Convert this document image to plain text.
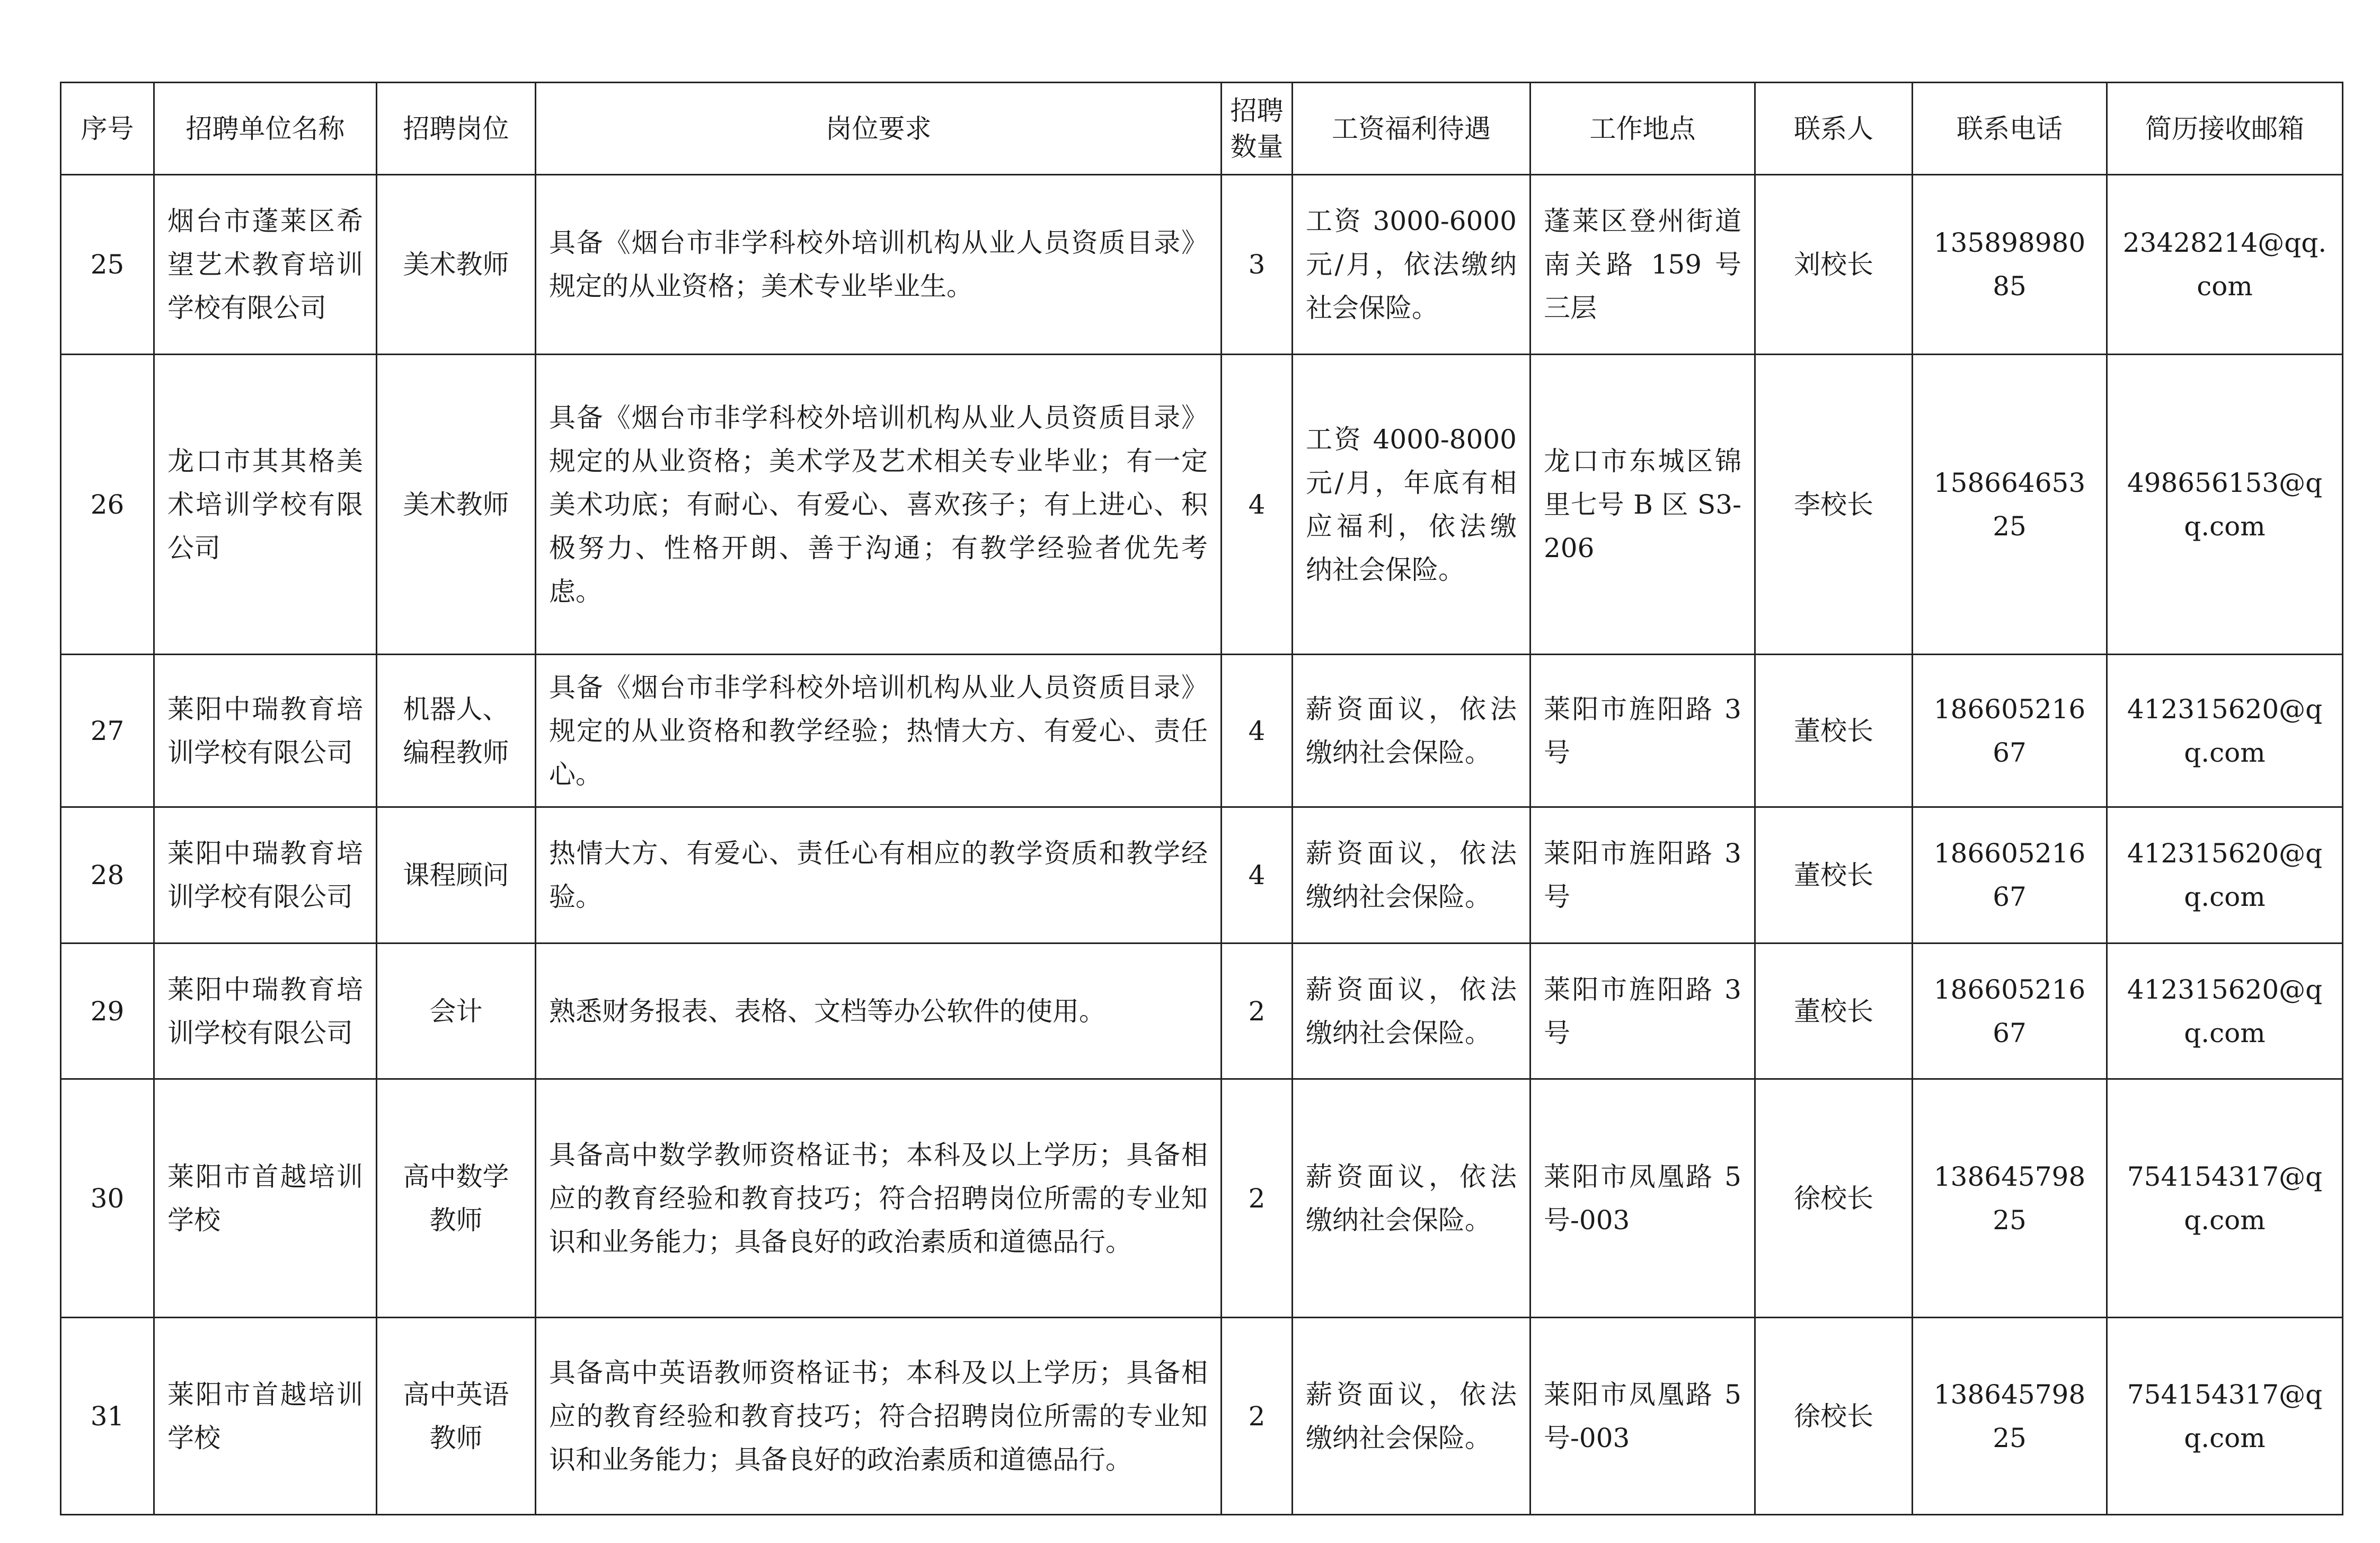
序号	招聘单位名称	招聘岗位	岗位要求	招聘数量	工资福利待遇	工作地点	联系人	联系电话	简历接收邮箱
25	烟台市蓬莱区希望艺术教育培训学校有限公司	美术教师	具备《烟台市非学科校外培训机构从业人员资质目录》规定的从业资格；美术专业毕业生。	3	工资 3000-6000 元/月，依法缴纳社会保险。	蓬莱区登州街道南关路 159 号三层	刘校长	13589898085	23428214@qq.com
26	龙口市其其格美术培训学校有限公司	美术教师	具备《烟台市非学科校外培训机构从业人员资质目录》规定的从业资格；美术学及艺术相关专业毕业；有一定美术功底；有耐心、有爱心、喜欢孩子；有上进心、积极努力、性格开朗、善于沟通；有教学经验者优先考虑。	4	工资 4000-8000 元/月，年底有相应福利，依法缴纳社会保险。	龙口市东城区锦里七号 B 区 S3-206	李校长	15866465325	498656153@qq.com
27	莱阳中瑞教育培训学校有限公司	机器人、编程教师	具备《烟台市非学科校外培训机构从业人员资质目录》规定的从业资格和教学经验；热情大方、有爱心、责任心。	4	薪资面议，依法缴纳社会保险。	莱阳市旌阳路 3 号	董校长	18660521667	412315620@qq.com
28	莱阳中瑞教育培训学校有限公司	课程顾问	热情大方、有爱心、责任心有相应的教学资质和教学经验。	4	薪资面议，依法缴纳社会保险。	莱阳市旌阳路 3 号	董校长	18660521667	412315620@qq.com
29	莱阳中瑞教育培训学校有限公司	会计	熟悉财务报表、表格、文档等办公软件的使用。	2	薪资面议，依法缴纳社会保险。	莱阳市旌阳路 3 号	董校长	18660521667	412315620@qq.com
30	莱阳市首越培训学校	高中数学教师	具备高中数学教师资格证书；本科及以上学历；具备相应的教育经验和教育技巧；符合招聘岗位所需的专业知识和业务能力；具备良好的政治素质和道德品行。	2	薪资面议，依法缴纳社会保险。	莱阳市凤凰路 5 号-003	徐校长	13864579825	754154317@qq.com
31	莱阳市首越培训学校	高中英语教师	具备高中英语教师资格证书；本科及以上学历；具备相应的教育经验和教育技巧；符合招聘岗位所需的专业知识和业务能力；具备良好的政治素质和道德品行。	2	薪资面议，依法缴纳社会保险。	莱阳市凤凰路 5 号-003	徐校长	13864579825	754154317@qq.com
